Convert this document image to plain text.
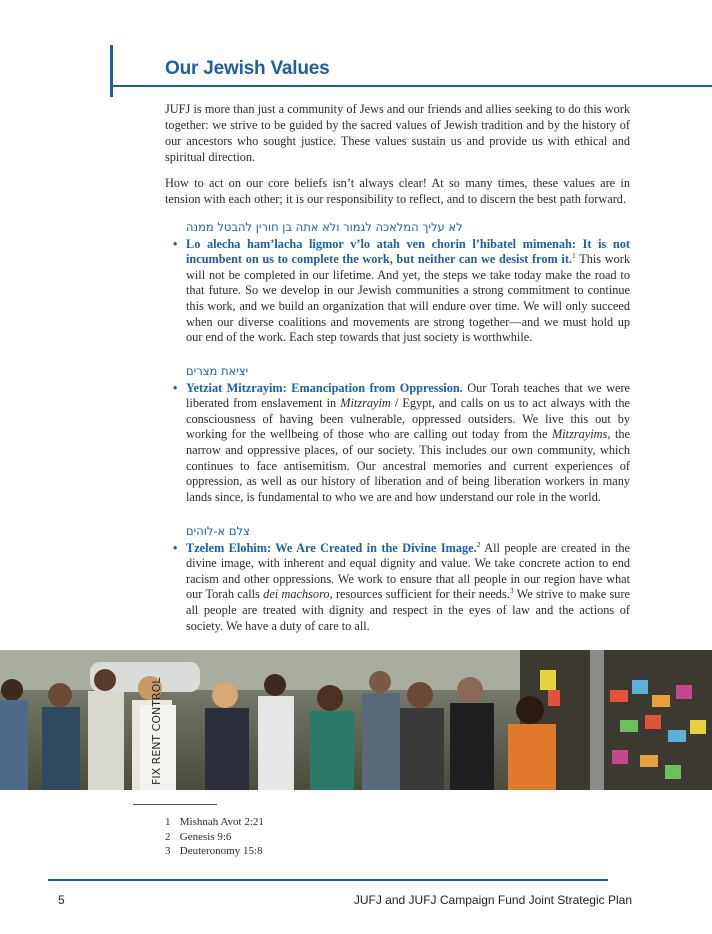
Our Jewish Values

JUFJ is more than just a community of Jews and our friends and allies seeking to do this work together: we strive to be guided by the sacred values of Jewish tradition and by the history of our ancestors who sought justice. These values sustain us and provide us with ethical and spiritual direction.

How to act on our core beliefs isn’t always clear! At so many times, these values are in tension with each other; it is our responsibility to reflect, and to discern the best path forward.

לא עליך המלאכה לגמור ולא אתה בן חורין להבטל ממנה
• Lo alecha ham’lacha ligmor v’lo atah ven chorin l’hibatel mimenah: It is not incumbent on us to complete the work, but neither can we desist from it.$^1$ This work will not be completed in our lifetime. And yet, the steps we take today make the road to that future. So we develop in our Jewish communities a strong commitment to continue this work, and we build an organization that will endure over time. We will only succeed when our diverse coalitions and movements are strong together—and we must hold up our end of the work. Each step towards that just society is worthwhile.
יציאת מצרים
• Yetziat Mitzrayim: Emancipation from Oppression. Our Torah teaches that we were liberated from enslavement in Mitzrayim / Egypt, and calls on us to act always with the consciousness of having been vulnerable, oppressed outsiders. We live this out by working for the wellbeing of those who are calling out today from the Mitzrayims, the narrow and oppressive places, of our society. This includes our own community, which continues to face antisemitism. Our ancestral memories and current experiences of oppression, as well as our history of liberation and of being liberation workers in many lands since, is fundamental to who we are and how understand our role in the world.
צלם א-לוהים
• Tzelem Elohim: We Are Created in the Divine Image.$^2$ All people are created in the divine image, with inherent and equal dignity and value. We take concrete action to end racism and other oppressions. We work to ensure that all people in our region have what our Torah calls dei machsoro, resources sufficient for their needs.$^3$ We strive to make sure all people are treated with dignity and respect in the eyes of law and the actions of society. We have a duty of care to all.
FIX RENT CONTROL
1 Mishnah Avot 2:21
2 Genesis 9:6
3 Deuteronomy 15:8
5	JUFJ and JUFJ Campaign Fund Joint Strategic Plan
